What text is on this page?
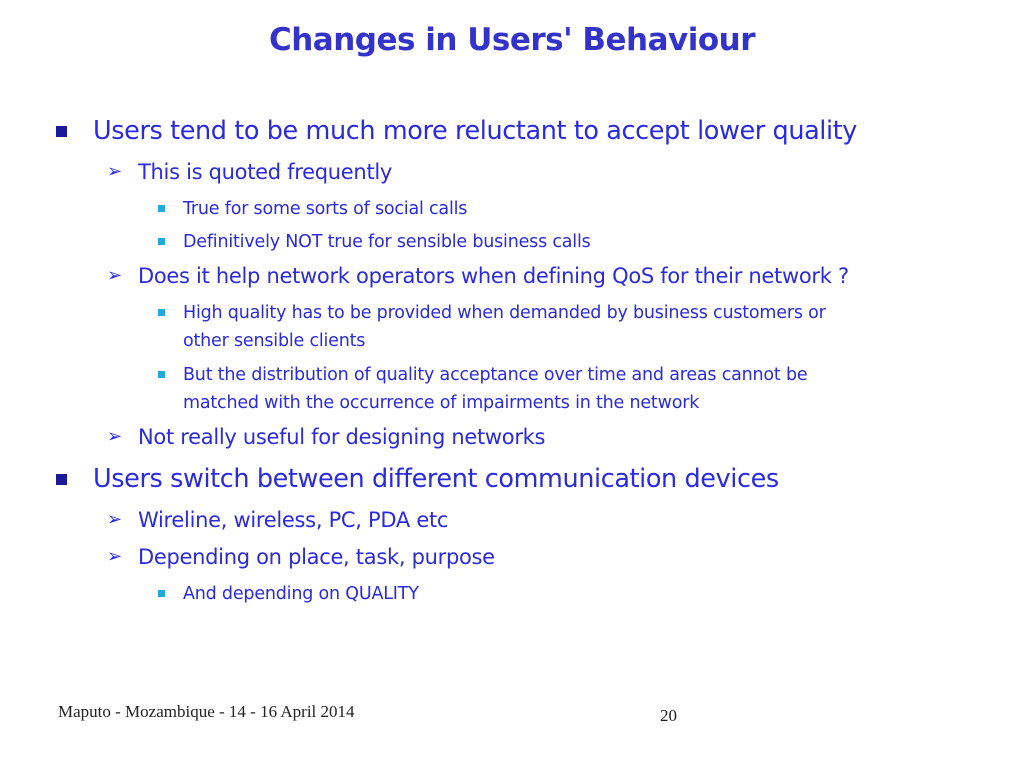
Changes in Users' Behaviour
Users tend to be much more reluctant to accept lower quality
➢ This is quoted frequently
True for some sorts of social calls
Definitively NOT true for sensible business calls
➢ Does it help network operators when defining QoS for their network ?
High quality has to be provided when demanded by business customers or
other sensible clients
But the distribution of quality acceptance over time and areas cannot be
matched with the occurrence of impairments in the network
➢ Not really useful for designing networks
Users switch between different communication devices
➢ Wireline, wireless, PC, PDA etc
➢ Depending on place, task, purpose
And depending on QUALITY
Maputo - Mozambique - 14 - 16 April 2014	20
